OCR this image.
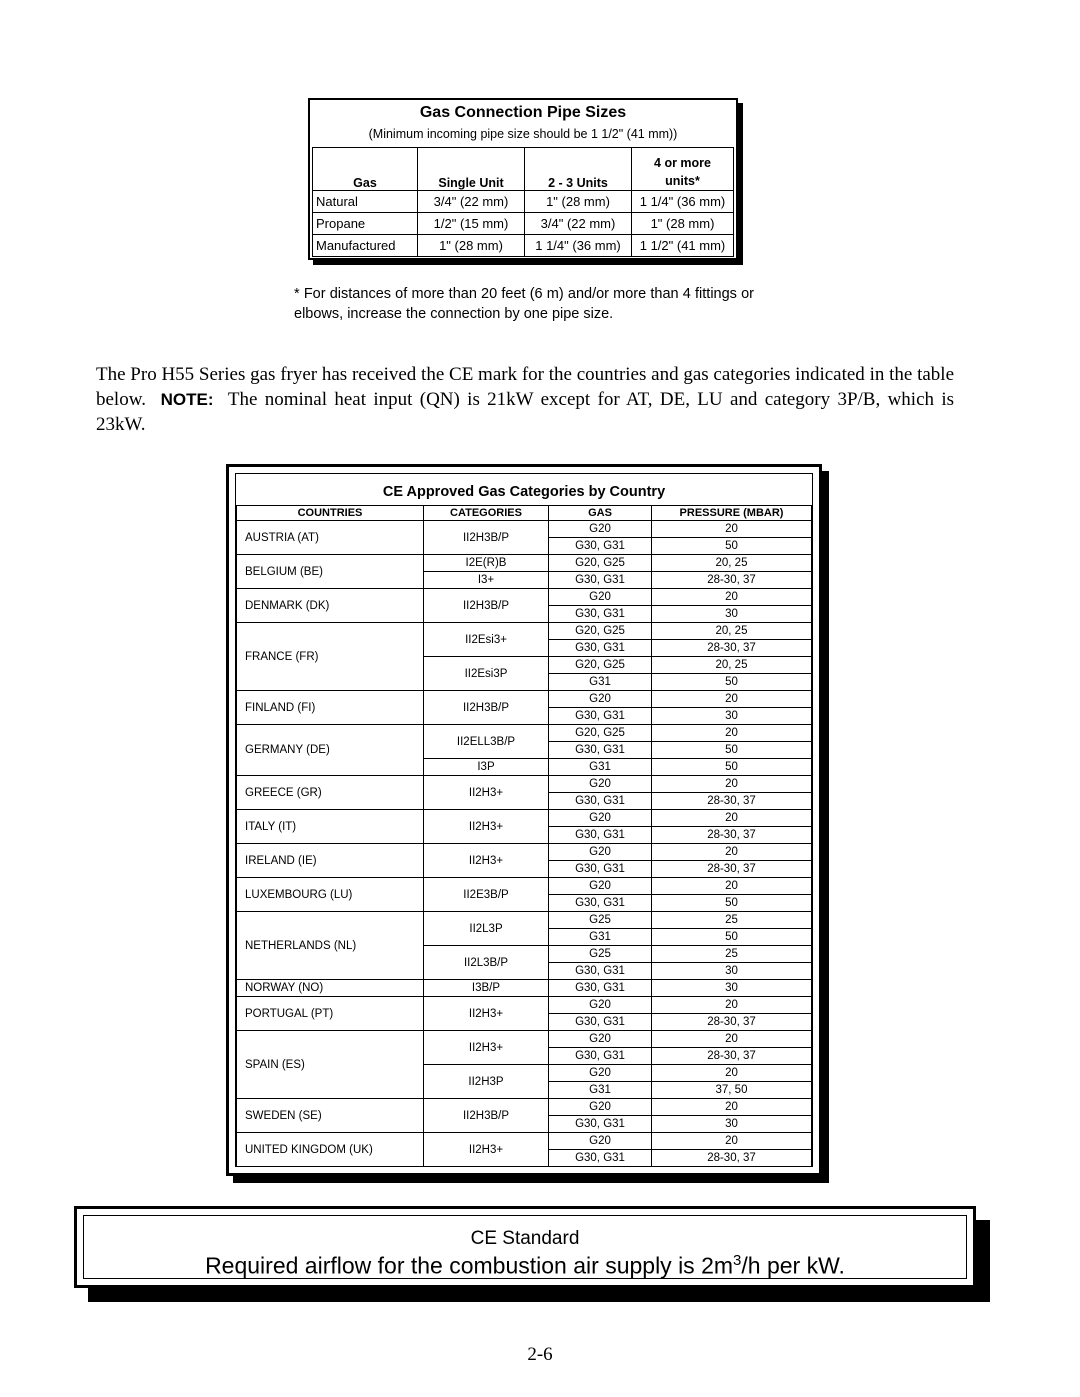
Gas Connection Pipe Sizes
(Minimum incoming pipe size should be 1 1/2" (41 mm))
Gas	Single Unit	2 - 3 Units	4 or more units*
Natural	3/4" (22 mm)	1" (28 mm)	1 1/4" (36 mm)
Propane	1/2" (15 mm)	3/4" (22 mm)	1" (28 mm)
Manufactured	1" (28 mm)	1 1/4" (36 mm)	1 1/2" (41 mm)
* For distances of more than 20 feet (6 m) and/or more than 4 fittings or elbows, increase the connection by one pipe size.
The Pro H55 Series gas fryer has received the CE mark for the countries and gas categories indicated in the table below. NOTE: The nominal heat input (QN) is 21kW except for AT, DE, LU and category 3P/B, which is 23kW.
CE Approved Gas Categories by Country
COUNTRIES	CATEGORIES	GAS	PRESSURE (MBAR)
AUSTRIA (AT)	II2H3B/P	G20	20
		G30, G31	50
BELGIUM (BE)	I2E(R)B	G20, G25	20, 25
	I3+	G30, G31	28-30, 37
DENMARK (DK)	II2H3B/P	G20	20
		G30, G31	30
FRANCE (FR)	II2Esi3+	G20, G25	20, 25
		G30, G31	28-30, 37
	II2Esi3P	G20, G25	20, 25
		G31	50
FINLAND (FI)	II2H3B/P	G20	20
		G30, G31	30
GERMANY (DE)	II2ELL3B/P	G20, G25	20
		G30, G31	50
	I3P	G31	50
GREECE (GR)	II2H3+	G20	20
		G30, G31	28-30, 37
ITALY (IT)	II2H3+	G20	20
		G30, G31	28-30, 37
IRELAND (IE)	II2H3+	G20	20
		G30, G31	28-30, 37
LUXEMBOURG (LU)	II2E3B/P	G20	20
		G30, G31	50
NETHERLANDS (NL)	II2L3P	G25	25
		G31	50
	II2L3B/P	G25	25
		G30, G31	30
NORWAY (NO)	I3B/P	G30, G31	30
PORTUGAL (PT)	II2H3+	G20	20
		G30, G31	28-30, 37
SPAIN (ES)	II2H3+	G20	20
		G30, G31	28-30, 37
	II2H3P	G20	20
		G31	37, 50
SWEDEN (SE)	II2H3B/P	G20	20
		G30, G31	30
UNITED KINGDOM (UK)	II2H3+	G20	20
		G30, G31	28-30, 37
CE Standard
Required airflow for the combustion air supply is $2m^3/h$ per kW.
2-6
